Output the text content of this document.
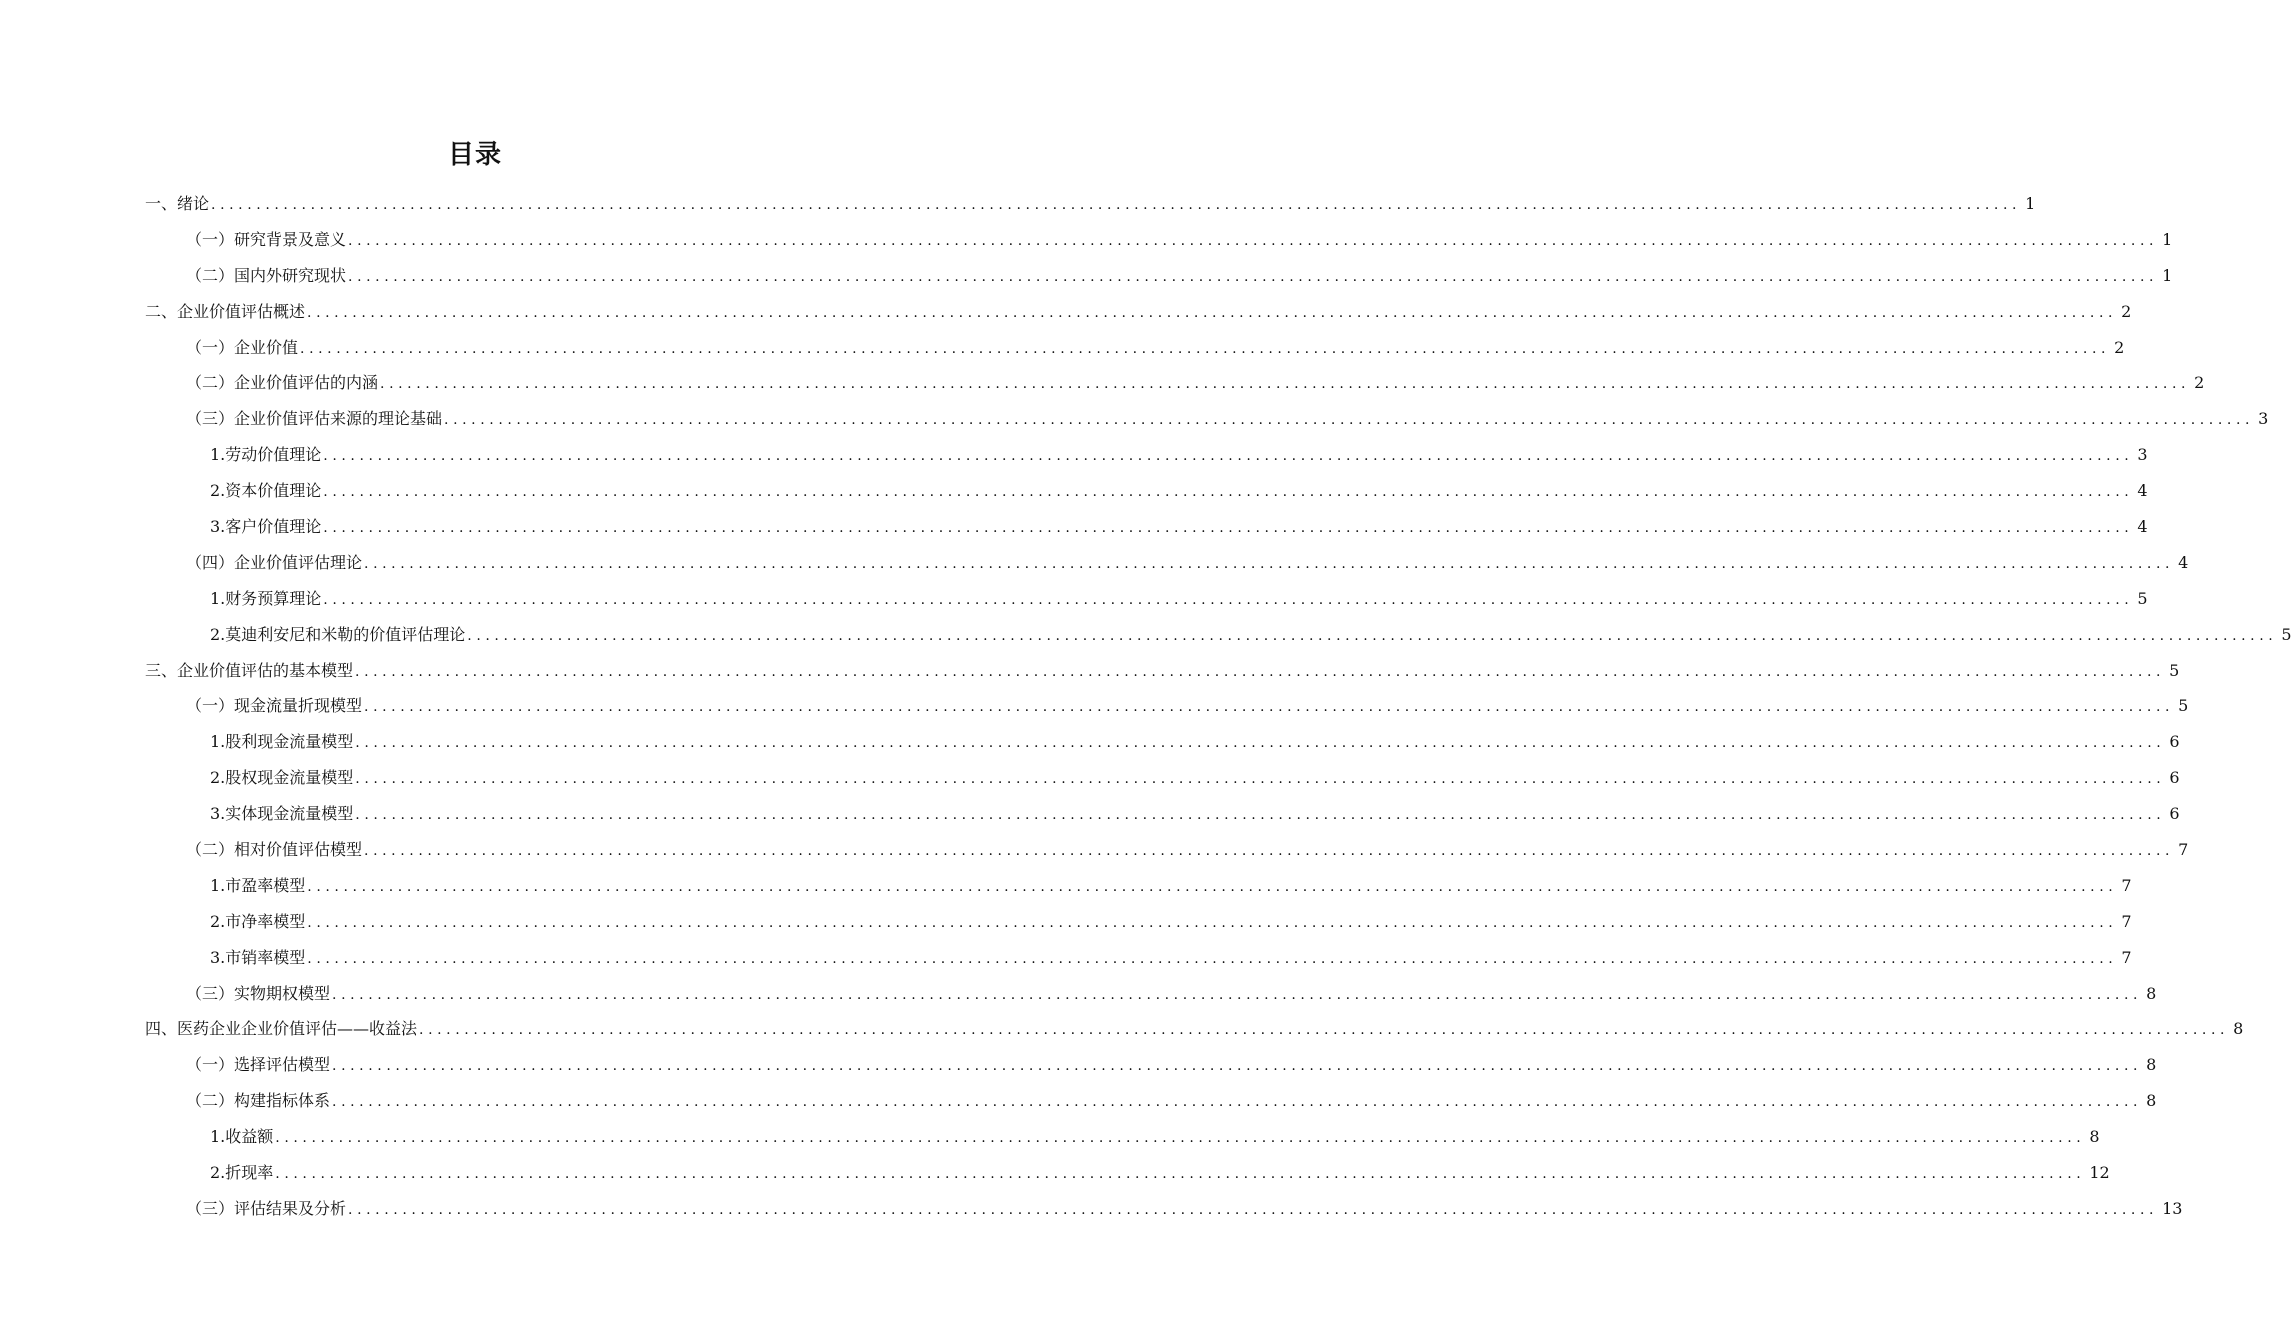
目录
一、绪论 ........................................................................................................................................................................................................ 1
（一）研究背景及意义 ........................................................................................................................................................................................................ 1
（二）国内外研究现状 ........................................................................................................................................................................................................ 1
二、企业价值评估概述 ........................................................................................................................................................................................................ 2
（一）企业价值 ........................................................................................................................................................................................................ 2
（二）企业价值评估的内涵 ........................................................................................................................................................................................................ 2
（三）企业价值评估来源的理论基础 ........................................................................................................................................................................................................ 3
1.劳动价值理论 ........................................................................................................................................................................................................ 3
2.资本价值理论 ........................................................................................................................................................................................................ 4
3.客户价值理论 ........................................................................................................................................................................................................ 4
（四）企业价值评估理论 ........................................................................................................................................................................................................ 4
1.财务预算理论 ........................................................................................................................................................................................................ 5
2.莫迪利安尼和米勒的价值评估理论 ........................................................................................................................................................................................................ 5
三、企业价值评估的基本模型 ........................................................................................................................................................................................................ 5
（一）现金流量折现模型 ........................................................................................................................................................................................................ 5
1.股利现金流量模型 ........................................................................................................................................................................................................ 6
2.股权现金流量模型 ........................................................................................................................................................................................................ 6
3.实体现金流量模型 ........................................................................................................................................................................................................ 6
（二）相对价值评估模型 ........................................................................................................................................................................................................ 7
1.市盈率模型 ........................................................................................................................................................................................................ 7
2.市净率模型 ........................................................................................................................................................................................................ 7
3.市销率模型 ........................................................................................................................................................................................................ 7
（三）实物期权模型 ........................................................................................................................................................................................................ 8
四、医药企业企业价值评估——收益法 ........................................................................................................................................................................................................ 8
（一）选择评估模型 ........................................................................................................................................................................................................ 8
（二）构建指标体系 ........................................................................................................................................................................................................ 8
1.收益额 ........................................................................................................................................................................................................ 8
2.折现率 ........................................................................................................................................................................................................ 12
（三）评估结果及分析 ........................................................................................................................................................................................................ 13
